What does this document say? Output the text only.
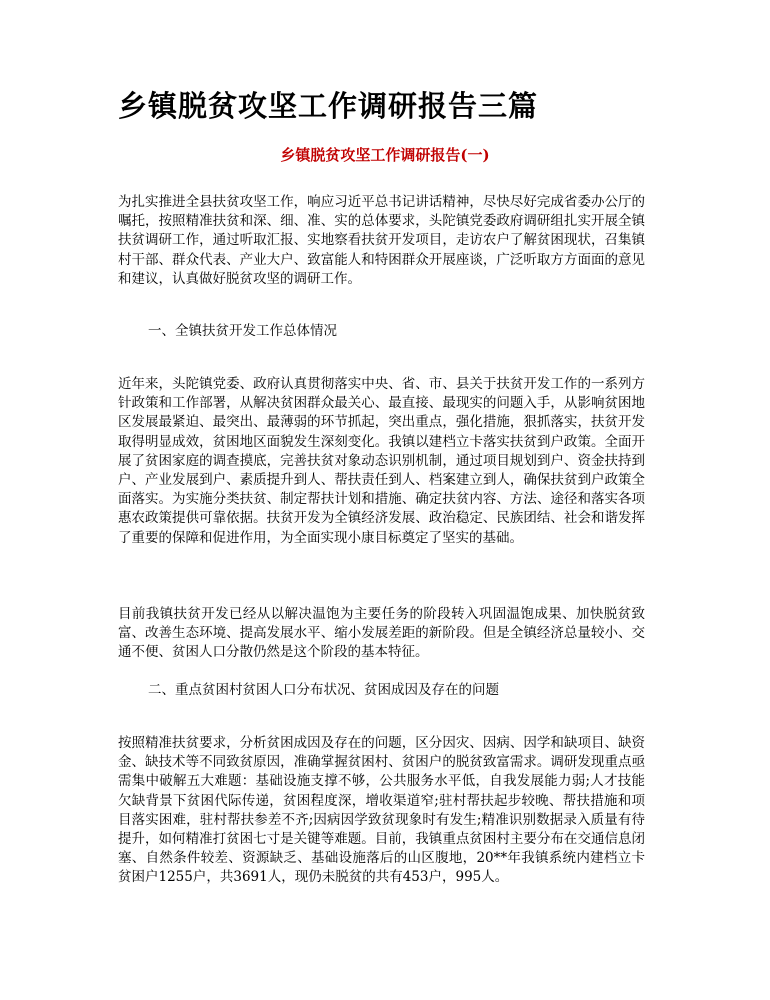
乡镇脱贫攻坚工作调研报告三篇
乡镇脱贫攻坚工作调研报告(一)

为扎实推进全县扶贫攻坚工作，响应习近平总书记讲话精神，尽快尽好完成省委办公厅的嘱托，按照精准扶贫和深、细、准、实的总体要求，头陀镇党委政府调研组扎实开展全镇扶贫调研工作，通过听取汇报、实地察看扶贫开发项目，走访农户了解贫困现状，召集镇村干部、群众代表、产业大户、致富能人和特困群众开展座谈，广泛听取方方面面的意见和建议，认真做好脱贫攻坚的调研工作。

一、全镇扶贫开发工作总体情况

近年来，头陀镇党委、政府认真贯彻落实中央、省、市、县关于扶贫开发工作的一系列方针政策和工作部署，从解决贫困群众最关心、最直接、最现实的问题入手，从影响贫困地区发展最紧迫、最突出、最薄弱的环节抓起，突出重点，强化措施，狠抓落实，扶贫开发取得明显成效，贫困地区面貌发生深刻变化。我镇以建档立卡落实扶贫到户政策。全面开展了贫困家庭的调查摸底，完善扶贫对象动态识别机制，通过项目规划到户、资金扶持到户、产业发展到户、素质提升到人、帮扶责任到人、档案建立到人，确保扶贫到户政策全面落实。为实施分类扶贫、制定帮扶计划和措施、确定扶贫内容、方法、途径和落实各项惠农政策提供可靠依据。扶贫开发为全镇经济发展、政治稳定、民族团结、社会和谐发挥了重要的保障和促进作用，为全面实现小康目标奠定了坚实的基础。

目前我镇扶贫开发已经从以解决温饱为主要任务的阶段转入巩固温饱成果、加快脱贫致富、改善生态环境、提高发展水平、缩小发展差距的新阶段。但是全镇经济总量较小、交通不便、贫困人口分散仍然是这个阶段的基本特征。

二、重点贫困村贫困人口分布状况、贫困成因及存在的问题

按照精准扶贫要求，分析贫困成因及存在的问题，区分因灾、因病、因学和缺项目、缺资金、缺技术等不同致贫原因，准确掌握贫困村、贫困户的脱贫致富需求。调研发现重点亟需集中破解五大难题：基础设施支撑不够，公共服务水平低，自我发展能力弱;人才技能欠缺背景下贫困代际传递，贫困程度深，增收渠道窄;驻村帮扶起步较晚、帮扶措施和项目落实困难，驻村帮扶参差不齐;因病因学致贫现象时有发生;精准识别数据录入质量有待提升，如何精准打贫困七寸是关键等难题。目前，我镇重点贫困村主要分布在交通信息闭塞、自然条件较差、资源缺乏、基础设施落后的山区腹地，20**年我镇系统内建档立卡贫困户1255户，共3691人，现仍未脱贫的共有453户，995人。
